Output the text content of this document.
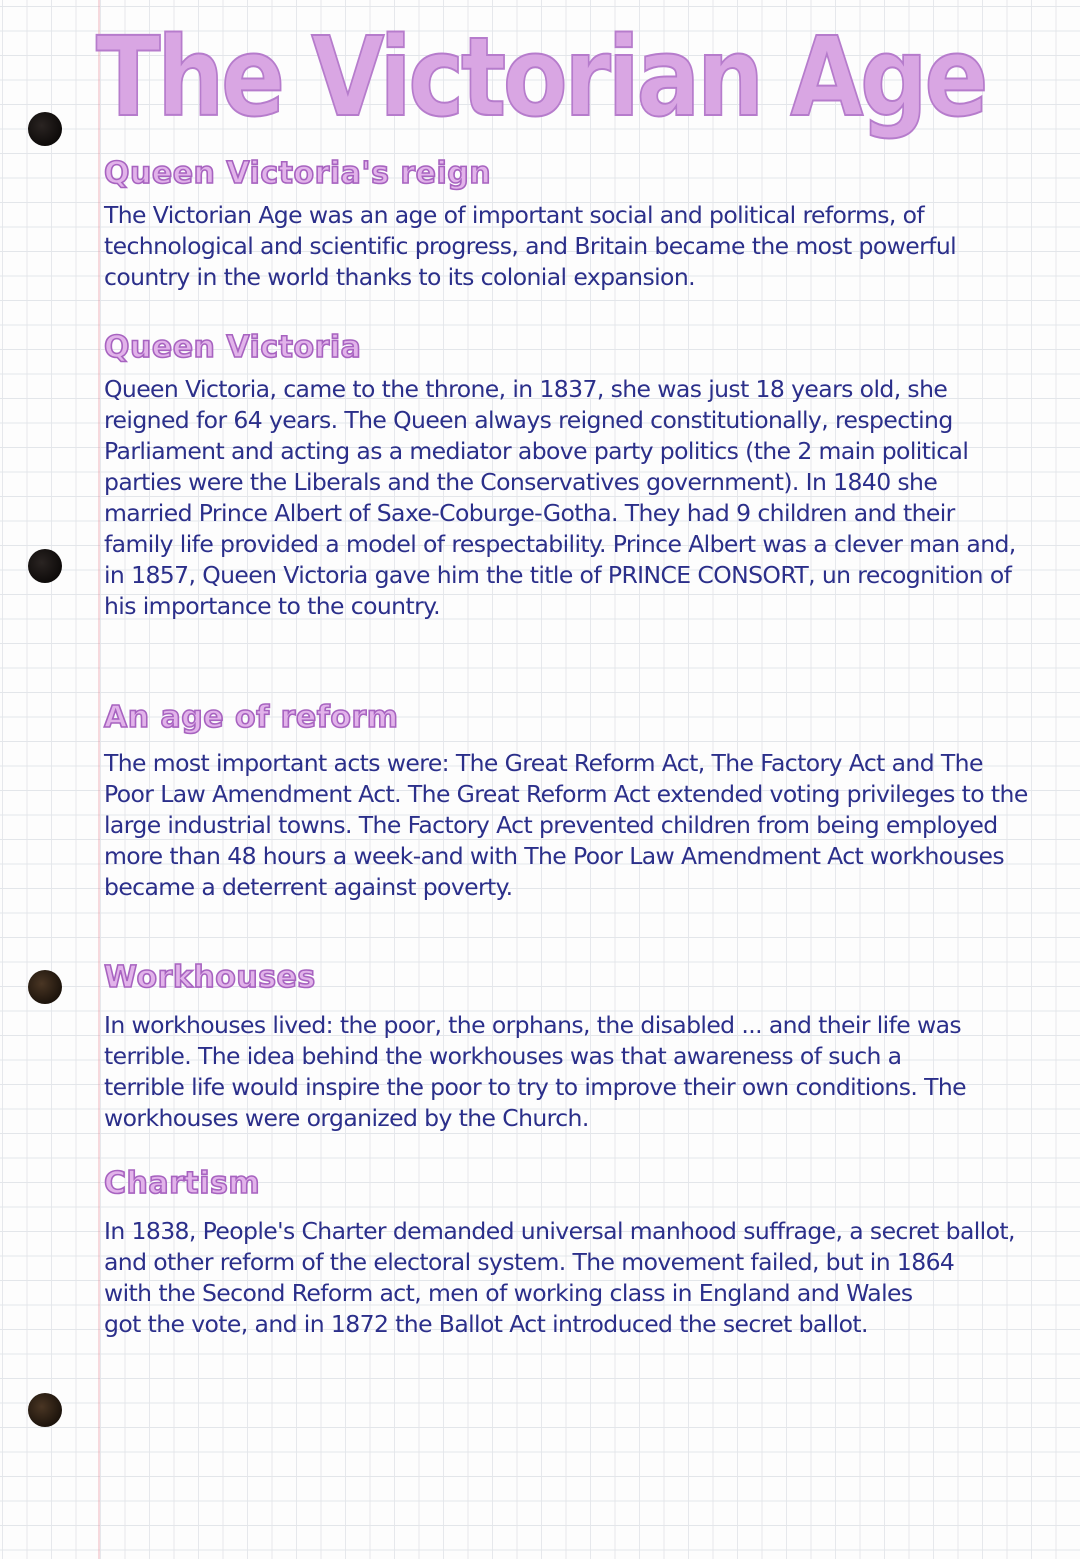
The Victorian Age
Queen Victoria's reign
The Victorian Age was an age of important social and political reforms, of
technological and scientific progress, and Britain became the most powerful
country in the world thanks to its colonial expansion.
Queen Victoria
Queen Victoria, came to the throne, in 1837, she was just 18 years old, she
reigned for 64 years. The Queen always reigned constitutionally, respecting
Parliament and acting as a mediator above party politics (the 2 main political
parties were the Liberals and the Conservatives government). In 1840 she
married Prince Albert of Saxe-Coburge-Gotha. They had 9 children and their
family life provided a model of respectability. Prince Albert was a clever man and,
in 1857, Queen Victoria gave him the title of PRINCE CONSORT, un recognition of
his importance to the country.
An age of reform
The most important acts were: The Great Reform Act, The Factory Act and The
Poor Law Amendment Act. The Great Reform Act extended voting privileges to the
large industrial towns. The Factory Act prevented children from being employed
more than 48 hours a week-and with The Poor Law Amendment Act workhouses
became a deterrent against poverty.
Workhouses
In workhouses lived: the poor, the orphans, the disabled ... and their life was
terrible. The idea behind the workhouses was that awareness of such a
terrible life would inspire the poor to try to improve their own conditions. The
workhouses were organized by the Church.
Chartism
In 1838, People's Charter demanded universal manhood suffrage, a secret ballot,
and other reform of the electoral system. The movement failed, but in 1864
with the Second Reform act, men of working class in England and Wales
got the vote, and in 1872 the Ballot Act introduced the secret ballot.
